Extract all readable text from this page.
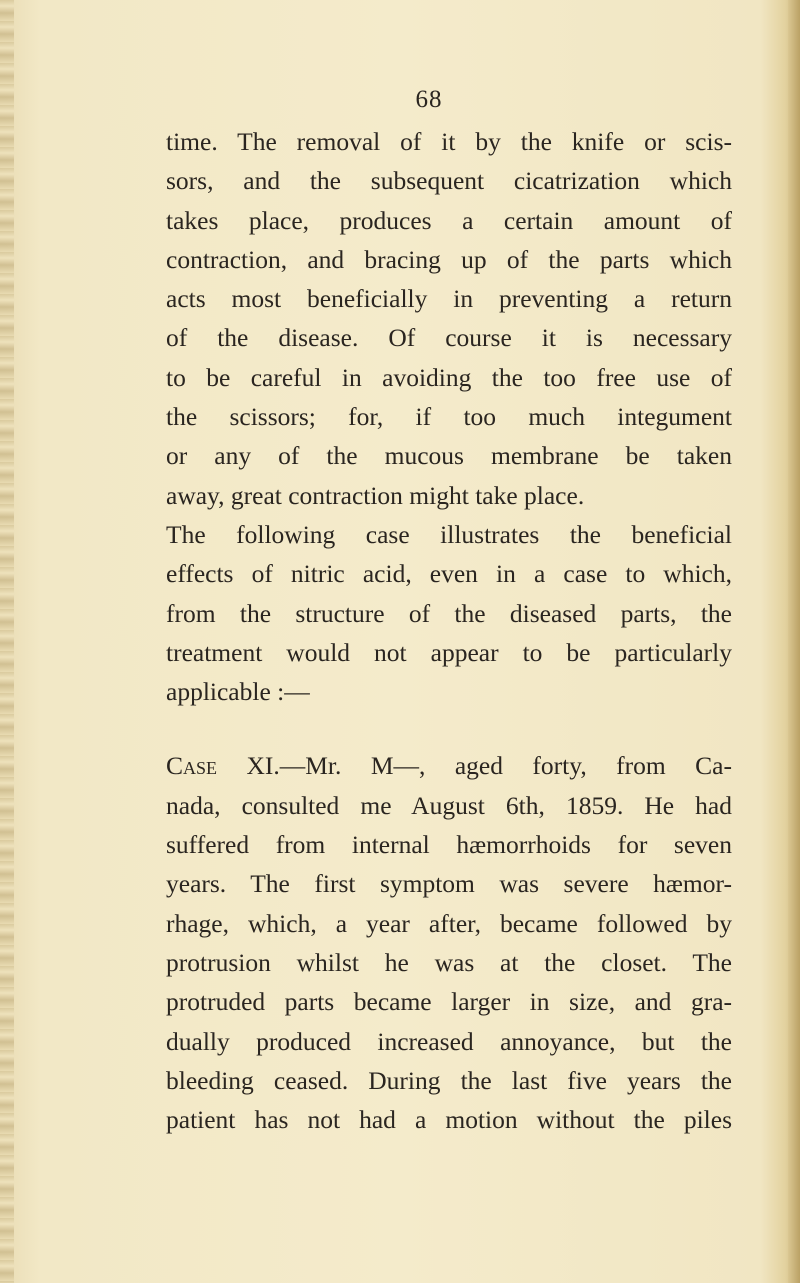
68
time. The removal of it by the knife or scis-
sors, and the subsequent cicatrization which
takes place, produces a certain amount of
contraction, and bracing up of the parts which
acts most beneficially in preventing a return
of the disease. Of course it is necessary
to be careful in avoiding the too free use of
the scissors; for, if too much integument
or any of the mucous membrane be taken
away, great contraction might take place.
The following case illustrates the beneficial
effects of nitric acid, even in a case to which,
from the structure of the diseased parts, the
treatment would not appear to be particularly
applicable :—
Case XI.—Mr. M—, aged forty, from Ca-
nada, consulted me August 6th, 1859. He had
suffered from internal hæmorrhoids for seven
years. The first symptom was severe hæmor-
rhage, which, a year after, became followed by
protrusion whilst he was at the closet. The
protruded parts became larger in size, and gra-
dually produced increased annoyance, but the
bleeding ceased. During the last five years the
patient has not had a motion without the piles
